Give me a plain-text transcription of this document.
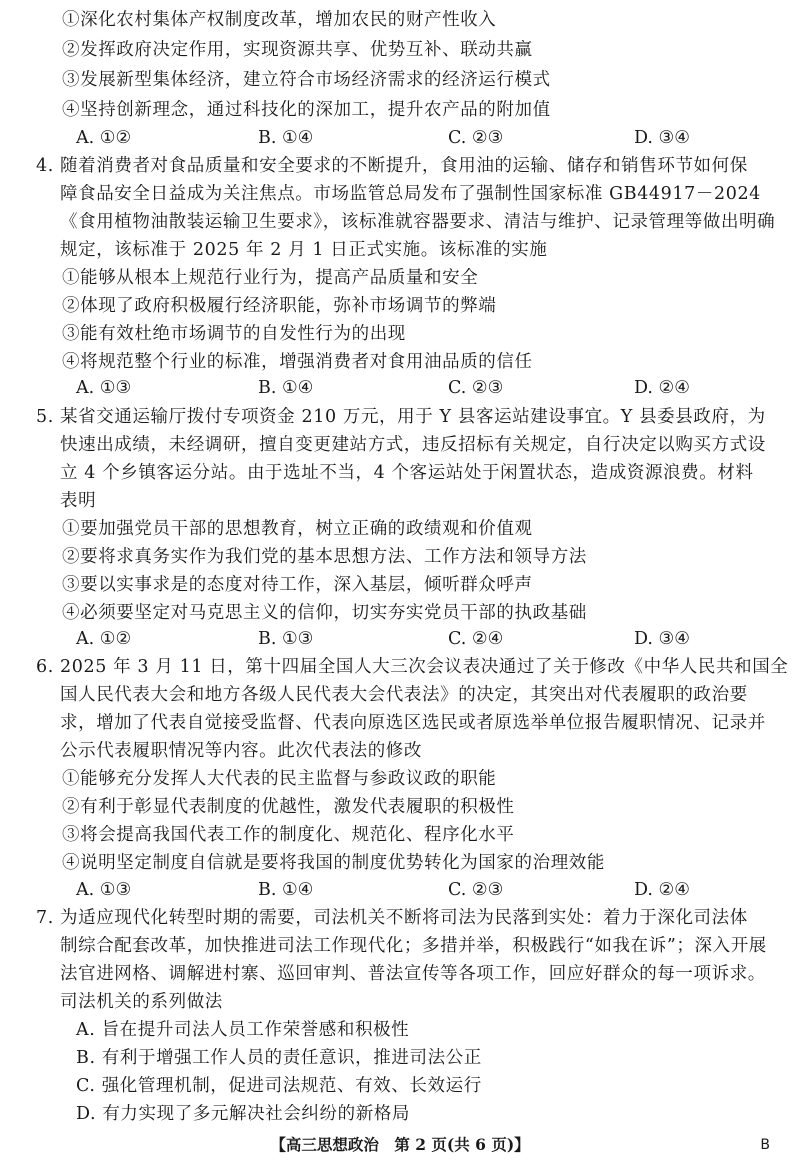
①深化农村集体产权制度改革，增加农民的财产性收入
②发挥政府决定作用，实现资源共享、优势互补、联动共赢
③发展新型集体经济，建立符合市场经济需求的经济运行模式
④坚持创新理念，通过科技化的深加工，提升农产品的附加值
A. ①②	B. ①④	C. ②③	D. ③④
4. 随着消费者对食品质量和安全要求的不断提升，食用油的运输、储存和销售环节如何保
障食品安全日益成为关注焦点。市场监管总局发布了强制性国家标准 GB44917－2024
《食用植物油散装运输卫生要求》，该标准就容器要求、清洁与维护、记录管理等做出明确
规定，该标准于 2025 年 2 月 1 日正式实施。该标准的实施
①能够从根本上规范行业行为，提高产品质量和安全
②体现了政府积极履行经济职能，弥补市场调节的弊端
③能有效杜绝市场调节的自发性行为的出现
④将规范整个行业的标准，增强消费者对食用油品质的信任
A. ①③	B. ①④	C. ②③	D. ②④
5. 某省交通运输厅拨付专项资金 210 万元，用于 Y 县客运站建设事宜。Y 县委县政府，为
快速出成绩，未经调研，擅自变更建站方式，违反招标有关规定，自行决定以购买方式设
立 4 个乡镇客运分站。由于选址不当，4 个客运站处于闲置状态，造成资源浪费。材料
表明
①要加强党员干部的思想教育，树立正确的政绩观和价值观
②要将求真务实作为我们党的基本思想方法、工作方法和领导方法
③要以实事求是的态度对待工作，深入基层，倾听群众呼声
④必须要坚定对马克思主义的信仰，切实夯实党员干部的执政基础
A. ①②	B. ①③	C. ②④	D. ③④
6. 2025 年 3 月 11 日，第十四届全国人大三次会议表决通过了关于修改《中华人民共和国全
国人民代表大会和地方各级人民代表大会代表法》的决定，其突出对代表履职的政治要
求，增加了代表自觉接受监督、代表向原选区选民或者原选举单位报告履职情况、记录并
公示代表履职情况等内容。此次代表法的修改
①能够充分发挥人大代表的民主监督与参政议政的职能
②有利于彰显代表制度的优越性，激发代表履职的积极性
③将会提高我国代表工作的制度化、规范化、程序化水平
④说明坚定制度自信就是要将我国的制度优势转化为国家的治理效能
A. ①③	B. ①④	C. ②③	D. ②④
7. 为适应现代化转型时期的需要，司法机关不断将司法为民落到实处：着力于深化司法体
制综合配套改革，加快推进司法工作现代化；多措并举，积极践行“如我在诉”；深入开展
法官进网格、调解进村寨、巡回审判、普法宣传等各项工作，回应好群众的每一项诉求。
司法机关的系列做法
A. 旨在提升司法人员工作荣誉感和积极性
B. 有利于增强工作人员的责任意识，推进司法公正
C. 强化管理机制，促进司法规范、有效、长效运行
D. 有力实现了多元解决社会纠纷的新格局
【高三思想政治　第 2 页(共 6 页)】	B
